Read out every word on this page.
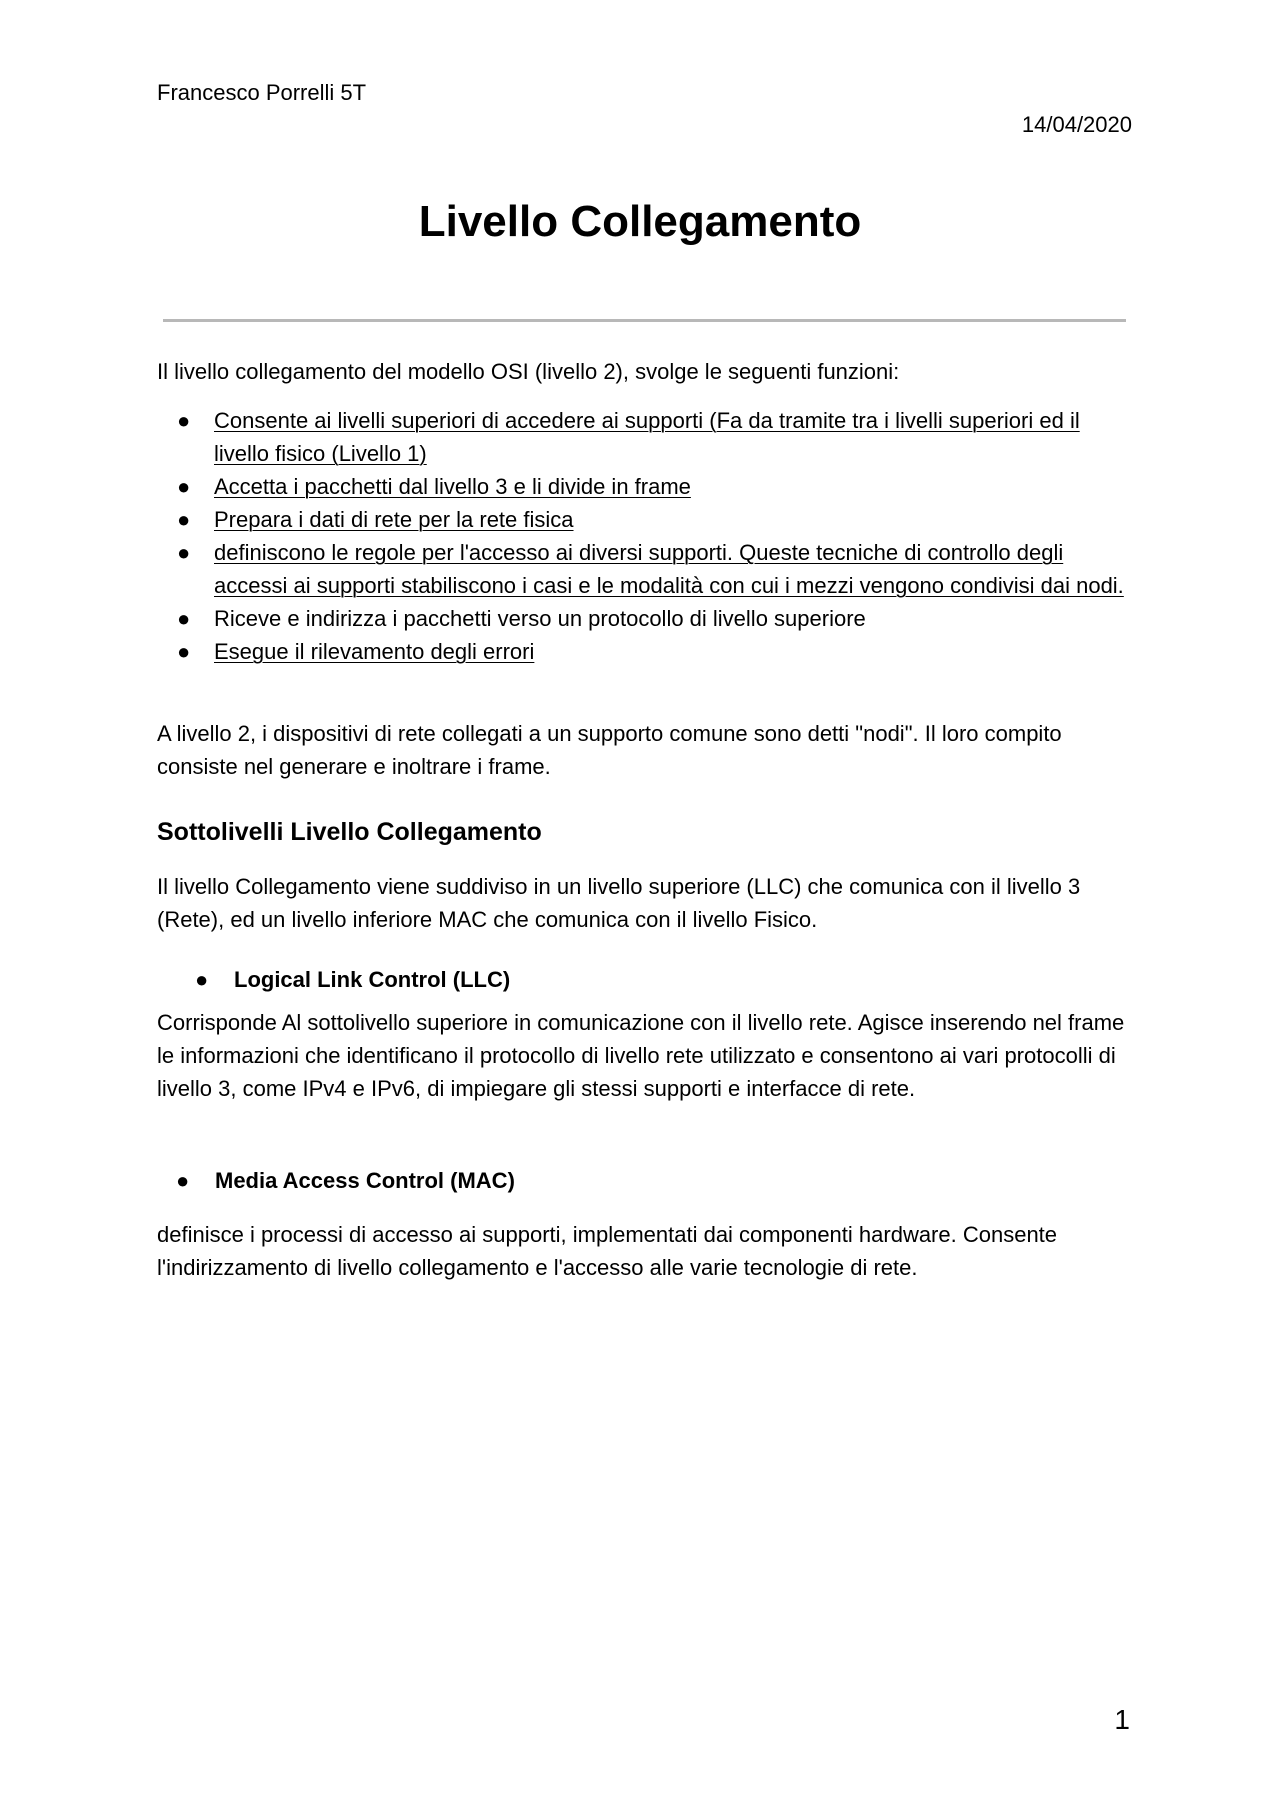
Francesco Porrelli 5T
14/04/2020
Livello Collegamento
Il livello collegamento del modello OSI (livello 2), svolge le seguenti funzioni:
● Consente ai livelli superiori di accedere ai supporti (Fa da tramite tra i livelli superiori ed il livello fisico (Livello 1)
● Accetta i pacchetti dal livello 3 e li divide in frame
● Prepara i dati di rete per la rete fisica
● definiscono le regole per l'accesso ai diversi supporti. Queste tecniche di controllo degli accessi ai supporti stabiliscono i casi e le modalità con cui i mezzi vengono condivisi dai nodi.
● Riceve e indirizza i pacchetti verso un protocollo di livello superiore
● Esegue il rilevamento degli errori
A livello 2, i dispositivi di rete collegati a un supporto comune sono detti "nodi". Il loro compito consiste nel generare e inoltrare i frame.
Sottolivelli Livello Collegamento
Il livello Collegamento viene suddiviso in un livello superiore (LLC) che comunica con il livello 3 (Rete), ed un livello inferiore MAC che comunica con il livello Fisico.
● Logical Link Control (LLC)
Corrisponde Al sottolivello superiore in comunicazione con il livello rete. Agisce inserendo nel frame le informazioni che identificano il protocollo di livello rete utilizzato e consentono ai vari protocolli di livello 3, come IPv4 e IPv6, di impiegare gli stessi supporti e interfacce di rete.
● Media Access Control (MAC)
definisce i processi di accesso ai supporti, implementati dai componenti hardware. Consente l'indirizzamento di livello collegamento e l'accesso alle varie tecnologie di rete.
1
